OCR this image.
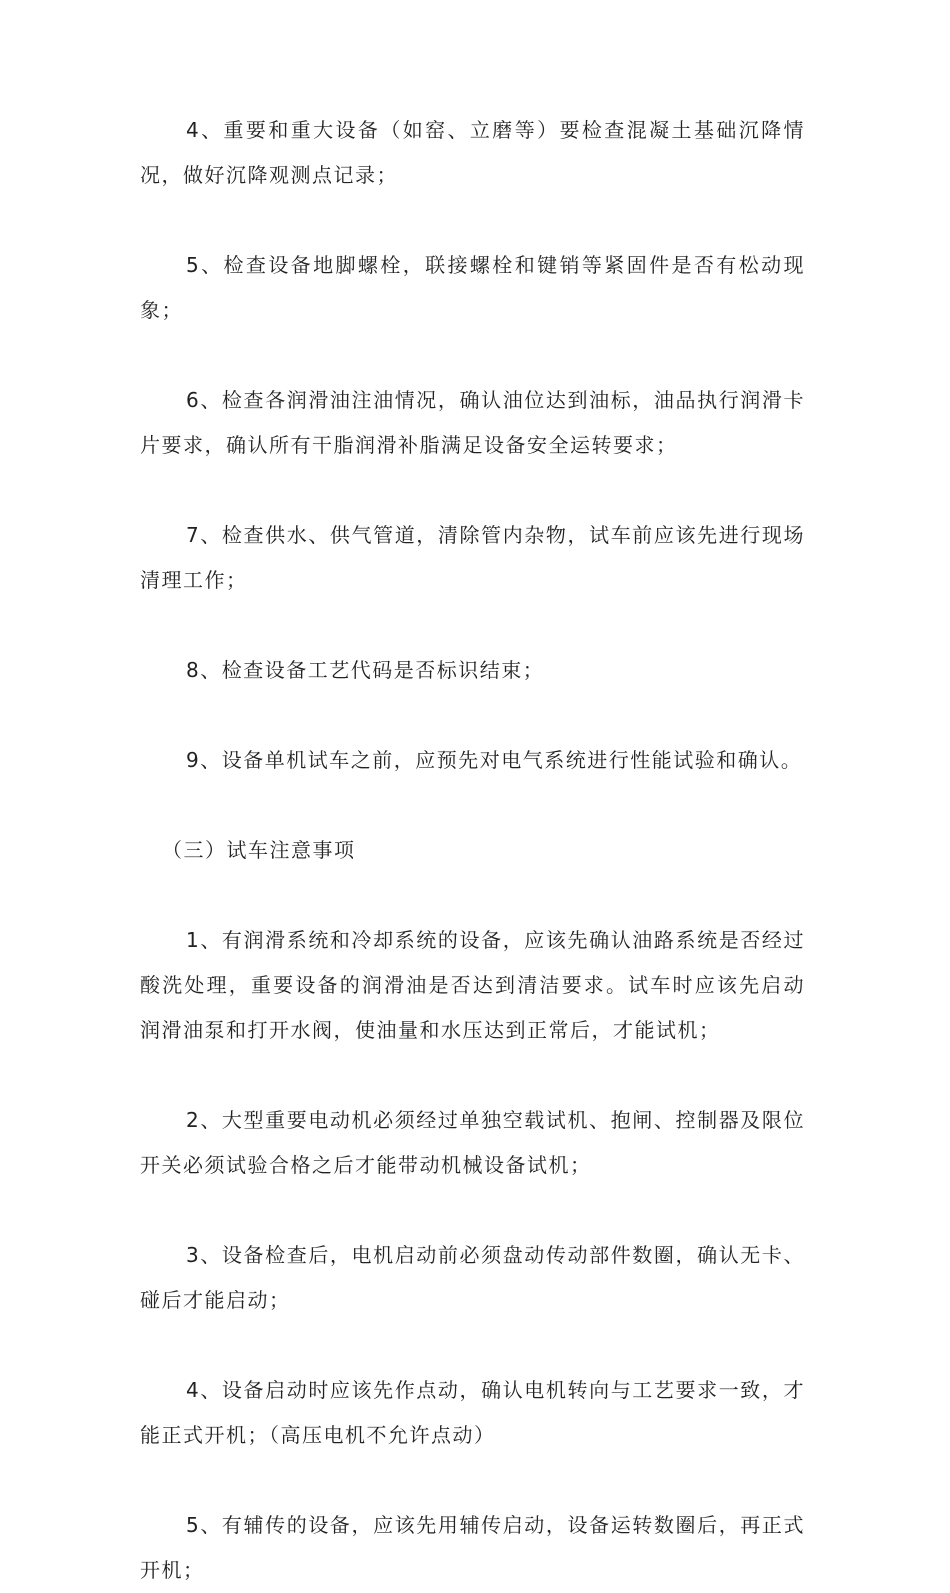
4、重要和重大设备（如窑、立磨等）要检查混凝土基础沉降情况，做好沉降观测点记录；

5、检查设备地脚螺栓，联接螺栓和键销等紧固件是否有松动现象；

6、检查各润滑油注油情况，确认油位达到油标，油品执行润滑卡片要求，确认所有干脂润滑补脂满足设备安全运转要求；

7、检查供水、供气管道，清除管内杂物，试车前应该先进行现场清理工作；

8、检查设备工艺代码是否标识结束；

9、设备单机试车之前，应预先对电气系统进行性能试验和确认。

（三）试车注意事项

1、有润滑系统和冷却系统的设备，应该先确认油路系统是否经过酸洗处理，重要设备的润滑油是否达到清洁要求。试车时应该先启动润滑油泵和打开水阀，使油量和水压达到正常后，才能试机；

2、大型重要电动机必须经过单独空载试机、抱闸、控制器及限位开关必须试验合格之后才能带动机械设备试机；

3、设备检查后，电机启动前必须盘动传动部件数圈，确认无卡、碰后才能启动；

4、设备启动时应该先作点动，确认电机转向与工艺要求一致，才能正式开机；（高压电机不允许点动）

5、有辅传的设备，应该先用辅传启动，设备运转数圈后，再正式开机；
